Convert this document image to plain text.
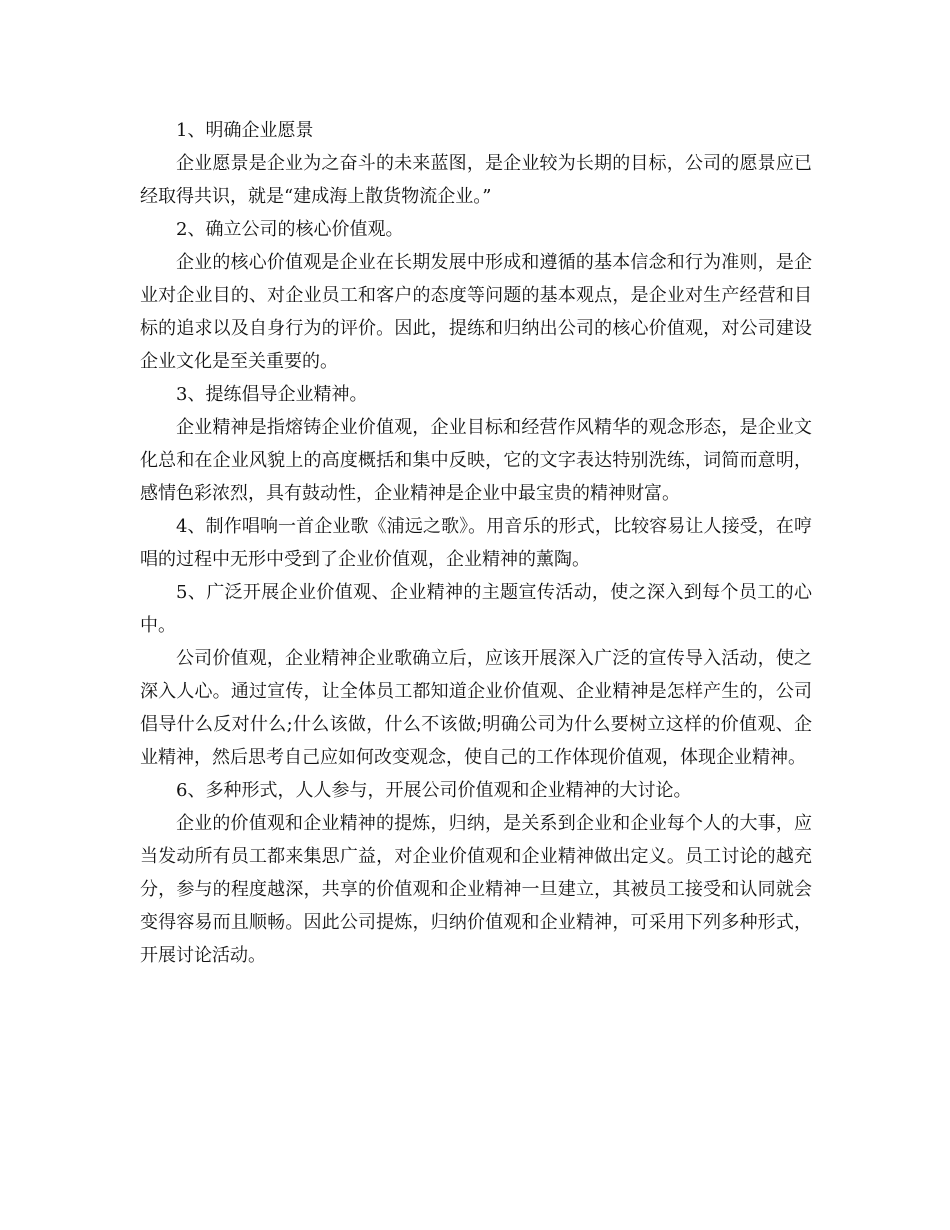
1、明确企业愿景

企业愿景是企业为之奋斗的未来蓝图，是企业较为长期的目标，公司的愿景应已经取得共识，就是“建成海上散货物流企业。”

2、确立公司的核心价值观。

企业的核心价值观是企业在长期发展中形成和遵循的基本信念和行为准则，是企业对企业目的、对企业员工和客户的态度等问题的基本观点，是企业对生产经营和目标的追求以及自身行为的评价。因此，提练和归纳出公司的核心价值观，对公司建设企业文化是至关重要的。

3、提练倡导企业精神。

企业精神是指熔铸企业价值观，企业目标和经营作风精华的观念形态，是企业文化总和在企业风貌上的高度概括和集中反映，它的文字表达特别洗练，词简而意明，感情色彩浓烈，具有鼓动性，企业精神是企业中最宝贵的精神财富。

4、制作唱响一首企业歌《浦远之歌》。用音乐的形式，比较容易让人接受，在哼唱的过程中无形中受到了企业价值观，企业精神的薰陶。

5、广泛开展企业价值观、企业精神的主题宣传活动，使之深入到每个员工的心中。

公司价值观，企业精神企业歌确立后，应该开展深入广泛的宣传导入活动，使之深入人心。通过宣传，让全体员工都知道企业价值观、企业精神是怎样产生的，公司倡导什么反对什么;什么该做，什么不该做;明确公司为什么要树立这样的价值观、企业精神，然后思考自己应如何改变观念，使自己的工作体现价值观，体现企业精神。

6、多种形式，人人参与，开展公司价值观和企业精神的大讨论。

企业的价值观和企业精神的提炼，归纳，是关系到企业和企业每个人的大事，应当发动所有员工都来集思广益，对企业价值观和企业精神做出定义。员工讨论的越充分，参与的程度越深，共享的价值观和企业精神一旦建立，其被员工接受和认同就会变得容易而且顺畅。因此公司提炼，归纳价值观和企业精神，可采用下列多种形式，开展讨论活动。
